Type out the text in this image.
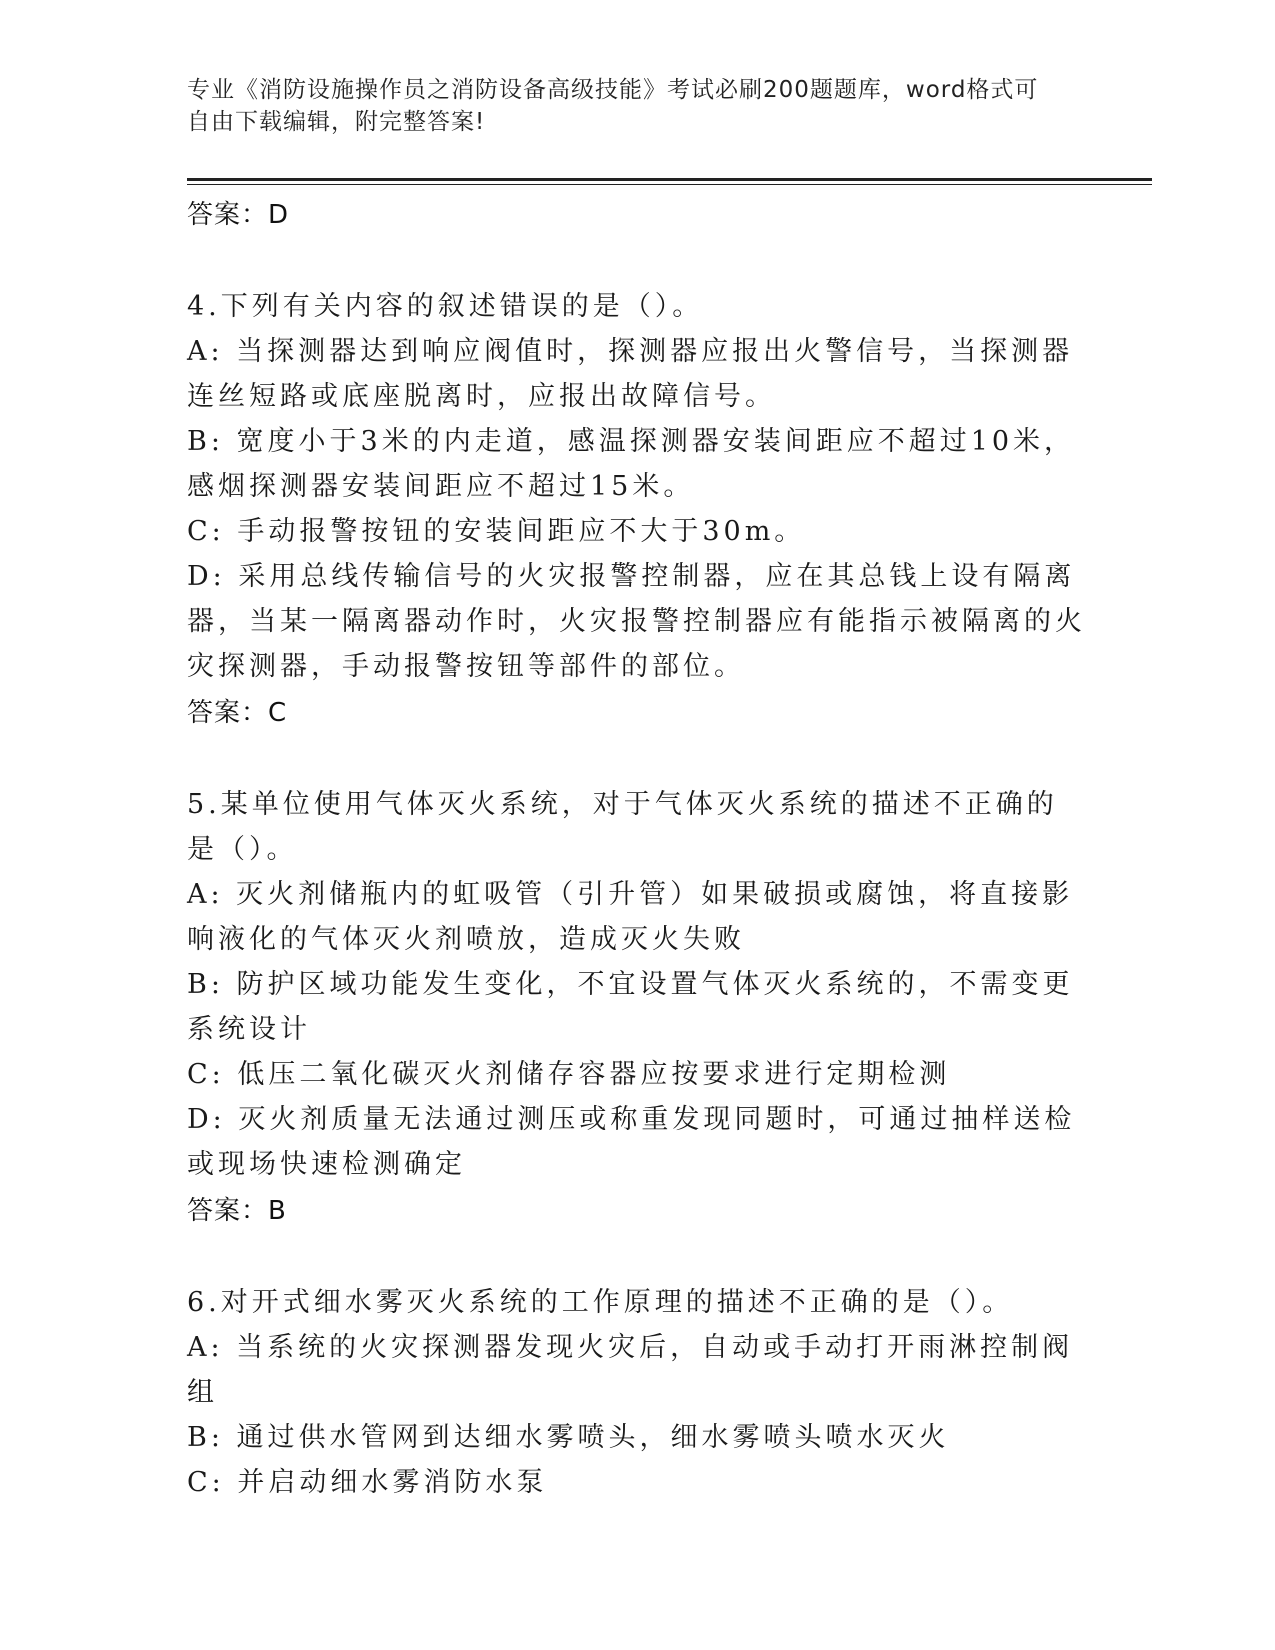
专业《消防设施操作员之消防设备高级技能》考试必刷200题题库，word格式可
自由下载编辑，附完整答案!
答案：D

4.下列有关内容的叙述错误的是（）。

A: 当探测器达到响应阀值时，探测器应报出火警信号，当探测器连丝短路或底座脱离时，应报出故障信号。

B: 宽度小于3米的内走道，感温探测器安装间距应不超过10米，感烟探测器安装间距应不超过15米。

C: 手动报警按钮的安装间距应不大于30m。

D: 采用总线传输信号的火灾报警控制器，应在其总钱上设有隔离器，当某一隔离器动作时，火灾报警控制器应有能指示被隔离的火灾探测器，手动报警按钮等部件的部位。

答案：C

5.某单位使用气体灭火系统，对于气体灭火系统的描述不正确的是（）。

A: 灭火剂储瓶内的虹吸管（引升管）如果破损或腐蚀，将直接影响液化的气体灭火剂喷放，造成灭火失败

B: 防护区域功能发生变化，不宜设置气体灭火系统的，不需变更系统设计

C: 低压二氧化碳灭火剂储存容器应按要求进行定期检测

D: 灭火剂质量无法通过测压或称重发现同题时，可通过抽样送检或现场快速检测确定

答案：B

6.对开式细水雾灭火系统的工作原理的描述不正确的是（）。

A: 当系统的火灾探测器发现火灾后，自动或手动打开雨淋控制阀组

B: 通过供水管网到达细水雾喷头，细水雾喷头喷水灭火

C: 并启动细水雾消防水泵
